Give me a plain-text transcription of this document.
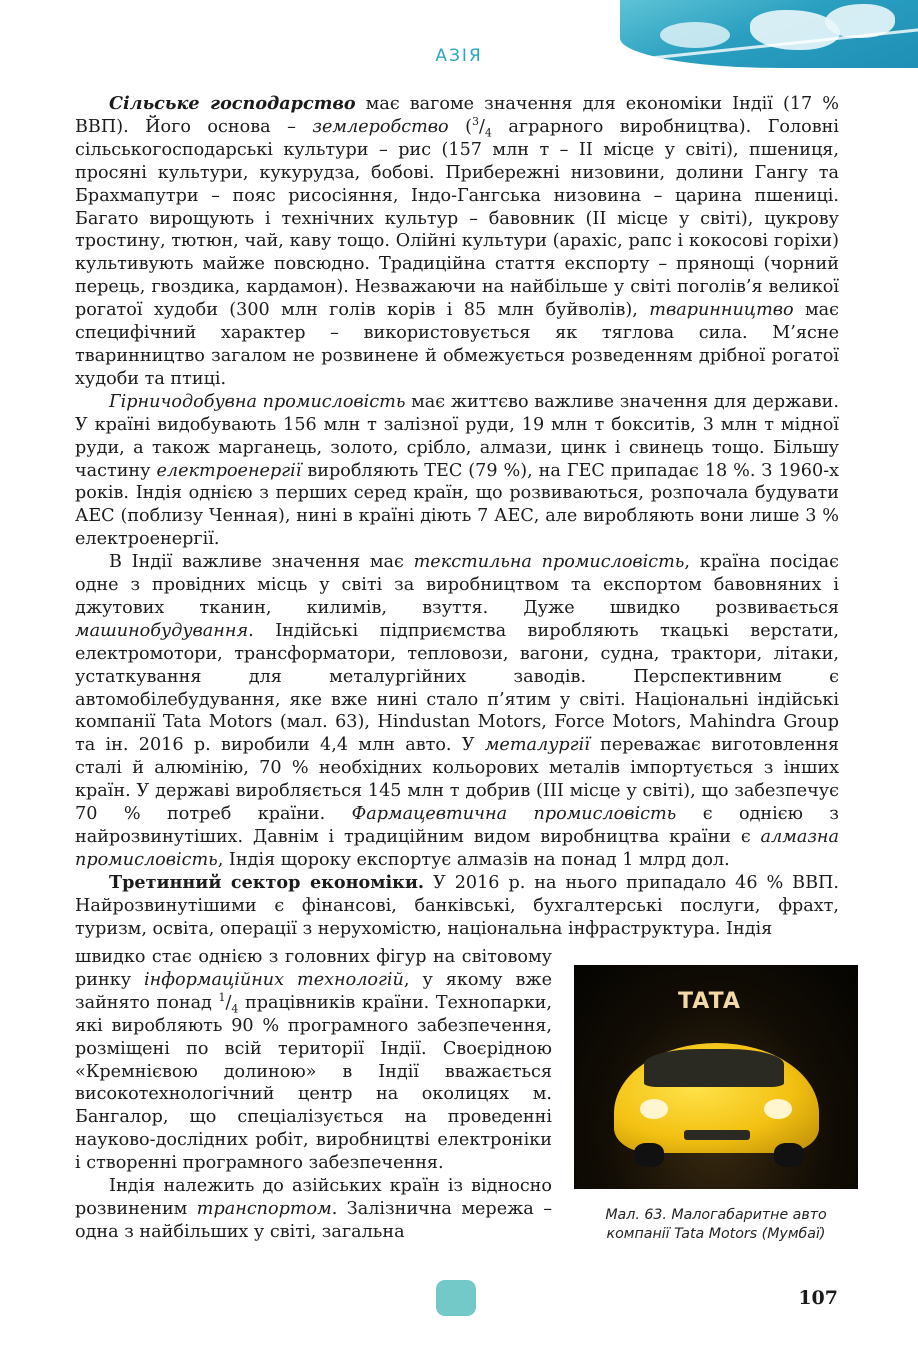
АЗІЯ

Сільське господарство має вагоме значення для економіки Індії (17 % ВВП). Його основа – землеробство ($^3/_4$ аграрного виробництва). Головні сільськогосподарські культури – рис (157 млн т – II місце у світі), пшениця, просяні культури, кукурудза, бобові. Прибережні низовини, долини Гангу та Брахмапутри – пояс рисосіяння, Індо-Гангська низовина – царина пшениці. Багато вирощують і технічних культур – бавовник (II місце у світі), цукрову тростину, тютюн, чай, каву тощо. Олійні культури (арахіс, рапс і кокосові горіхи) культивують майже повсюдно. Традиційна стаття експорту – прянощі (чорний перець, гвоздика, кардамон). Незважаючи на найбільше у світі поголів’я великої рогатої худоби (300 млн голів корів і 85 млн буйволів), тваринництво має специфічний характер – використовується як тяглова сила. М’ясне тваринництво загалом не розвинене й обмежується розведенням дрібної рогатої худоби та птиці.

Гірничодобувна промисловість має життєво важливе значення для держави. У країні видобувають 156 млн т залізної руди, 19 млн т бокситів, 3 млн т мідної руди, а також марганець, золото, срібло, алмази, цинк і свинець тощо. Більшу частину електроенергії виробляють ТЕС (79 %), на ГЕС припадає 18 %. З 1960-х років. Індія однією з перших серед країн, що розвиваються, розпочала будувати АЕС (поблизу Ченная), нині в країні діють 7 АЕС, але виробляють вони лише 3 % електроенергії.

В Індії важливе значення має текстильна промисловість, країна посідає одне з провідних місць у світі за виробництвом та експортом бавовняних і джутових тканин, килимів, взуття. Дуже швидко розвивається машинобудування. Індійські підприємства виробляють ткацькі верстати, електромотори, трансформатори, тепловози, вагони, судна, трактори, літаки, устаткування для металургійних заводів. Перспективним є автомобілебудування, яке вже нині стало п’ятим у світі. Національні індійські компанії Tata Motors (мал. 63), Hindustan Motors, Force Motors, Mahindra Group та ін. 2016 р. виробили 4,4 млн авто. У металургії переважає виготовлення сталі й алюмінію, 70 % необхідних кольорових металів імпортується з інших країн. У державі виробляється 145 млн т добрив (III місце у світі), що забезпечує 70 % потреб країни. Фармацевтична промисловість є однією з найрозвинутіших. Давнім і традиційним видом виробництва країни є алмазна промисловість, Індія щороку експортує алмазів на понад 1 млрд дол.

Третинний сектор економіки. У 2016 р. на нього припадало 46 % ВВП. Найрозвинутішими є фінансові, банківські, бухгалтерські послуги, фрахт, туризм, освіта, операції з нерухомістю, національна інфраструктура. Індія

швидко стає однією з головних фігур на світовому ринку інформаційних технологій, у якому вже зайнято понад $^1/_4$ працівників країни. Технопарки, які виробляють 90 % програмного забезпечення, розміщені по всій території Індії. Своєрідною «Кремнієвою долиною» в Індії вважається високотехнологічний центр на околицях м. Бангалор, що спеціалізується на проведенні науково-дослідних робіт, виробництві електроніки і створенні програмного забезпечення.

Індія належить до азійських країн із відносно розвиненим транспортом. Залізнична мережа – одна з найбільших у світі, загальна

TATA
Мал. 63. Малогабаритне авто
компанії Tata Motors (Мумбаї)
107
